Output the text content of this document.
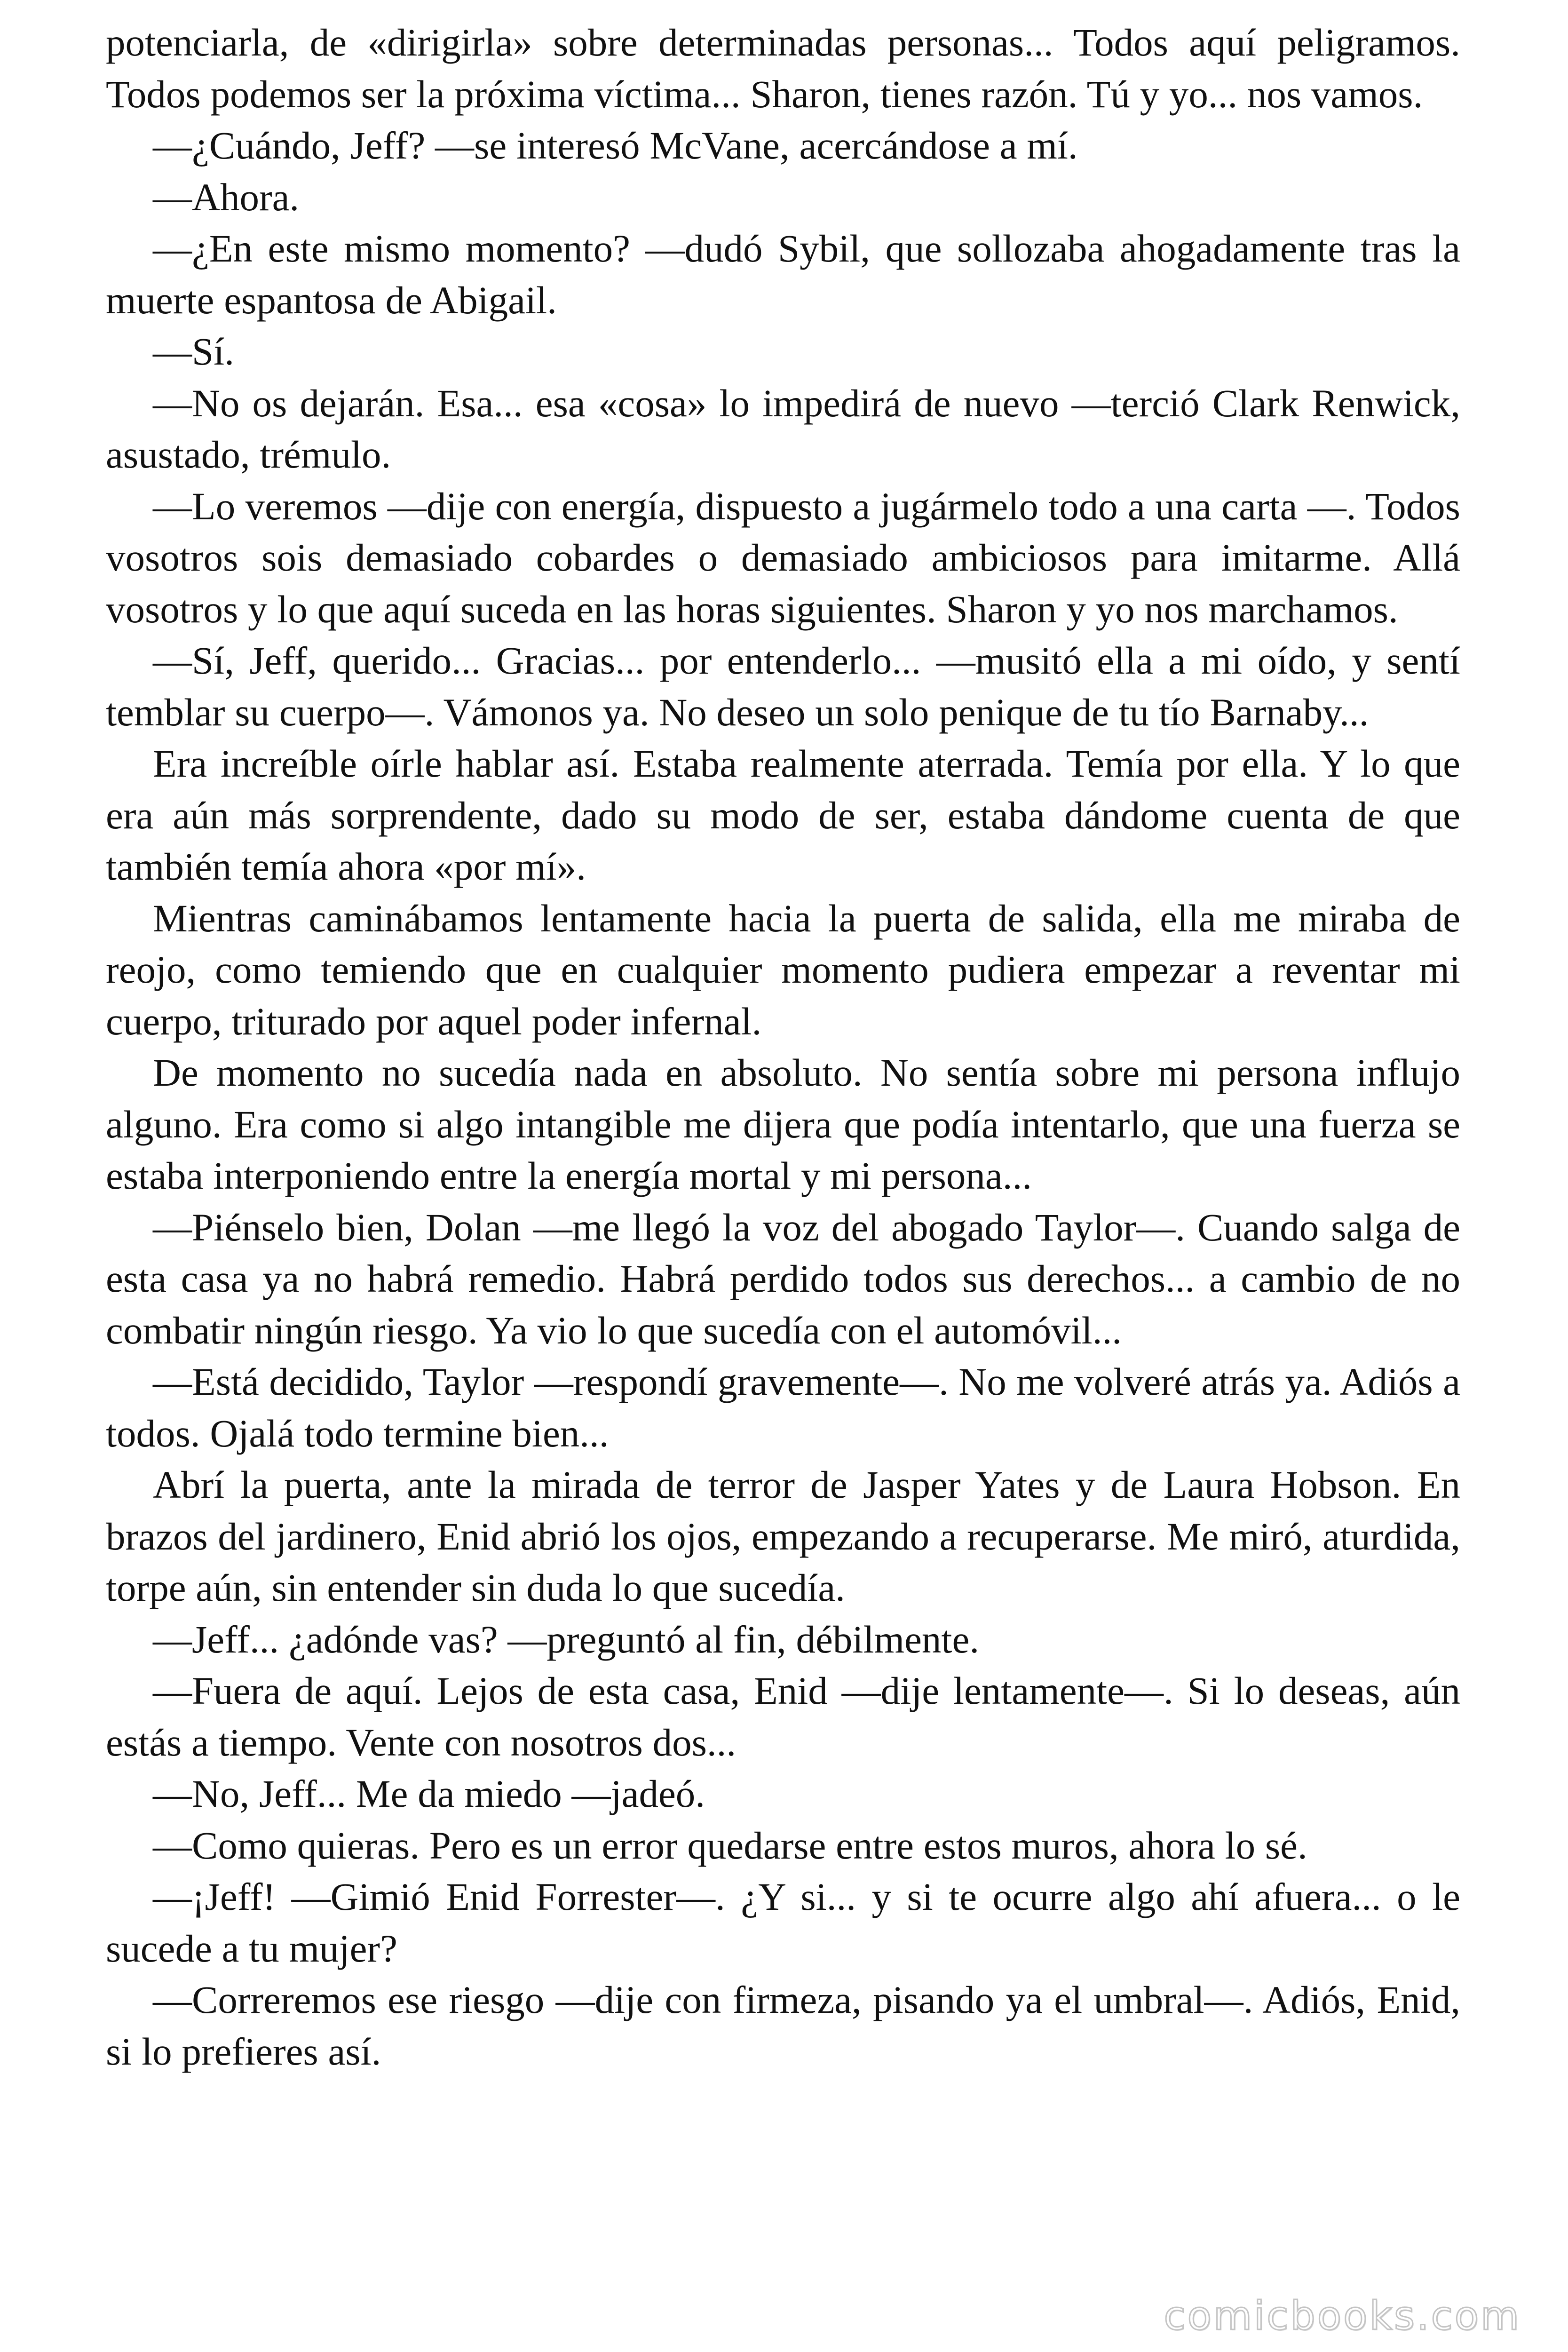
potenciarla, de «dirigirla» sobre determinadas personas... Todos aquí peligramos. Todos podemos ser la próxima víctima... Sharon, tienes razón. Tú y yo... nos vamos.

—¿Cuándo, Jeff? —se interesó McVane, acercándose a mí.

—Ahora.

—¿En este mismo momento? —dudó Sybil, que sollozaba ahogadamente tras la muerte espantosa de Abigail.

—Sí.

—No os dejarán. Esa... esa «cosa» lo impedirá de nuevo —terció Clark Renwick, asustado, trémulo.

—Lo veremos —dije con energía, dispuesto a jugármelo todo a una carta —. Todos vosotros sois demasiado cobardes o demasiado ambiciosos para imitarme. Allá vosotros y lo que aquí suceda en las horas siguientes. Sharon y yo nos marchamos.

—Sí, Jeff, querido... Gracias... por entenderlo... —musitó ella a mi oído, y sentí temblar su cuerpo—. Vámonos ya. No deseo un solo penique de tu tío Barnaby...

Era increíble oírle hablar así. Estaba realmente aterrada. Temía por ella. Y lo que era aún más sorprendente, dado su modo de ser, estaba dándome cuenta de que también temía ahora «por mí».

Mientras caminábamos lentamente hacia la puerta de salida, ella me miraba de reojo, como temiendo que en cualquier momento pudiera empezar a reventar mi cuerpo, triturado por aquel poder infernal.

De momento no sucedía nada en absoluto. No sentía sobre mi persona influjo alguno. Era como si algo intangible me dijera que podía intentarlo, que una fuerza se estaba interponiendo entre la energía mortal y mi persona...

—Piénselo bien, Dolan —me llegó la voz del abogado Taylor—. Cuando salga de esta casa ya no habrá remedio. Habrá perdido todos sus derechos... a cambio de no combatir ningún riesgo. Ya vio lo que sucedía con el automóvil...

—Está decidido, Taylor —respondí gravemente—. No me volveré atrás ya. Adiós a todos. Ojalá todo termine bien...

Abrí la puerta, ante la mirada de terror de Jasper Yates y de Laura Hobson. En brazos del jardinero, Enid abrió los ojos, empezando a recuperarse. Me miró, aturdida, torpe aún, sin entender sin duda lo que sucedía.

—Jeff... ¿adónde vas? —preguntó al fin, débilmente.

—Fuera de aquí. Lejos de esta casa, Enid —dije lentamente—. Si lo deseas, aún estás a tiempo. Vente con nosotros dos...

—No, Jeff... Me da miedo —jadeó.

—Como quieras. Pero es un error quedarse entre estos muros, ahora lo sé.

—¡Jeff! —Gimió Enid Forrester—. ¿Y si... y si te ocurre algo ahí afuera... o le sucede a tu mujer?

—Correremos ese riesgo —dije con firmeza, pisando ya el umbral—. Adiós, Enid, si lo prefieres así.

comicbooks.com
